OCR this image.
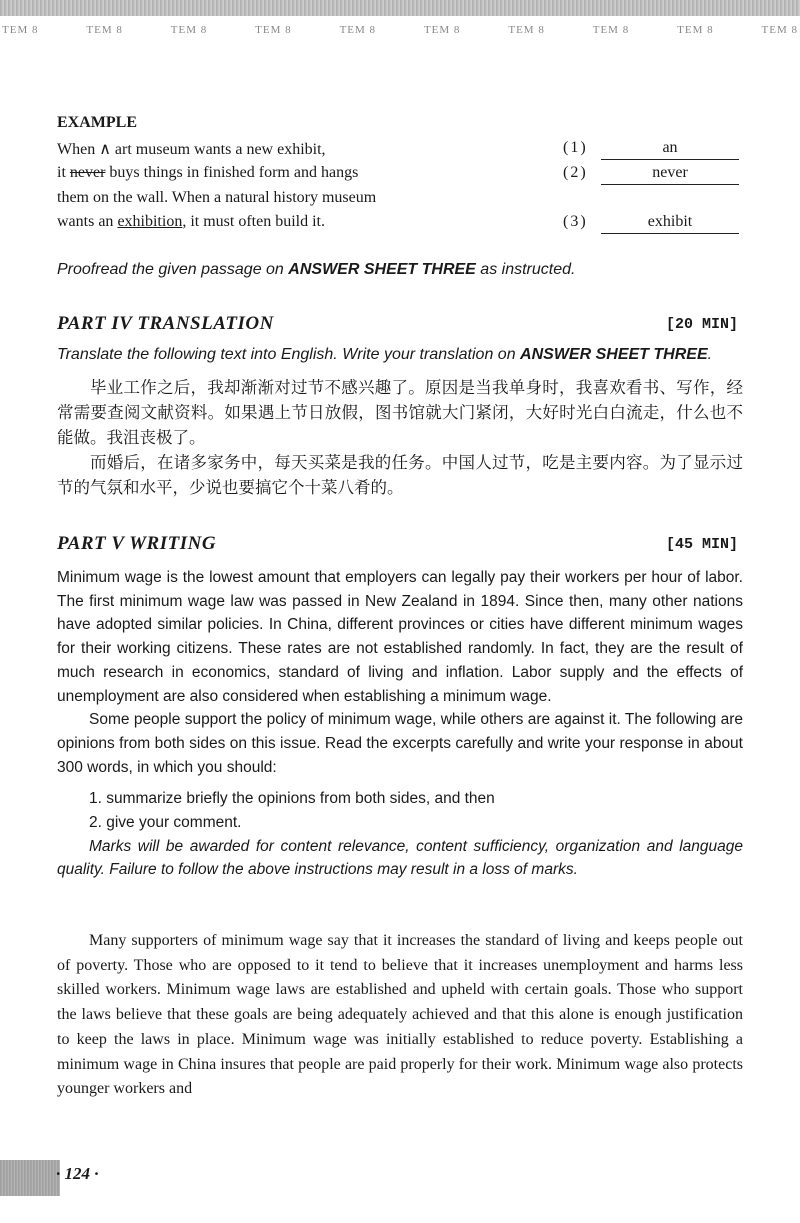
TEM 8	TEM 8	TEM 8	TEM 8	TEM 8	TEM 8	TEM 8	TEM 8	TEM 8	TEM 8
EXAMPLE
When ∧ art museum wants a new exhibit,
it never buys things in finished form and hangs
them on the wall. When a natural history museum
wants an exhibition, it must often build it.
(1)	an
(2)	never
(3)	exhibit
Proofread the given passage on ANSWER SHEET THREE as instructed.
PART IV TRANSLATION	[20 MIN]
Translate the following text into English. Write your translation on ANSWER SHEET THREE.

毕业工作之后，我却渐渐对过节不感兴趣了。原因是当我单身时，我喜欢看书、写作，经常需要查阅文献资料。如果遇上节日放假，图书馆就大门紧闭，大好时光白白流走，什么也不能做。我沮丧极了。

而婚后，在诸多家务中，每天买菜是我的任务。中国人过节，吃是主要内容。为了显示过节的气氛和水平，少说也要搞它个十菜八肴的。

PART V WRITING	[45 MIN]

Minimum wage is the lowest amount that employers can legally pay their workers per hour of labor. The first minimum wage law was passed in New Zealand in 1894. Since then, many other nations have adopted similar policies. In China, different provinces or cities have different minimum wages for their working citizens. These rates are not established randomly. In fact, they are the result of much research in economics, standard of living and inflation. Labor supply and the effects of unemployment are also considered when establishing a minimum wage.

Some people support the policy of minimum wage, while others are against it. The following are opinions from both sides on this issue. Read the excerpts carefully and write your response in about 300 words, in which you should:

1. summarize briefly the opinions from both sides, and then
2. give your comment.

Marks will be awarded for content relevance, content sufficiency, organization and language quality. Failure to follow the above instructions may result in a loss of marks.

Many supporters of minimum wage say that it increases the standard of living and keeps people out of poverty. Those who are opposed to it tend to believe that it increases unemployment and harms less skilled workers. Minimum wage laws are established and upheld with certain goals. Those who support the laws believe that these goals are being adequately achieved and that this alone is enough justification to keep the laws in place. Minimum wage was initially established to reduce poverty. Establishing a minimum wage in China insures that people are paid properly for their work. Minimum wage also protects younger workers and

· 124 ·
